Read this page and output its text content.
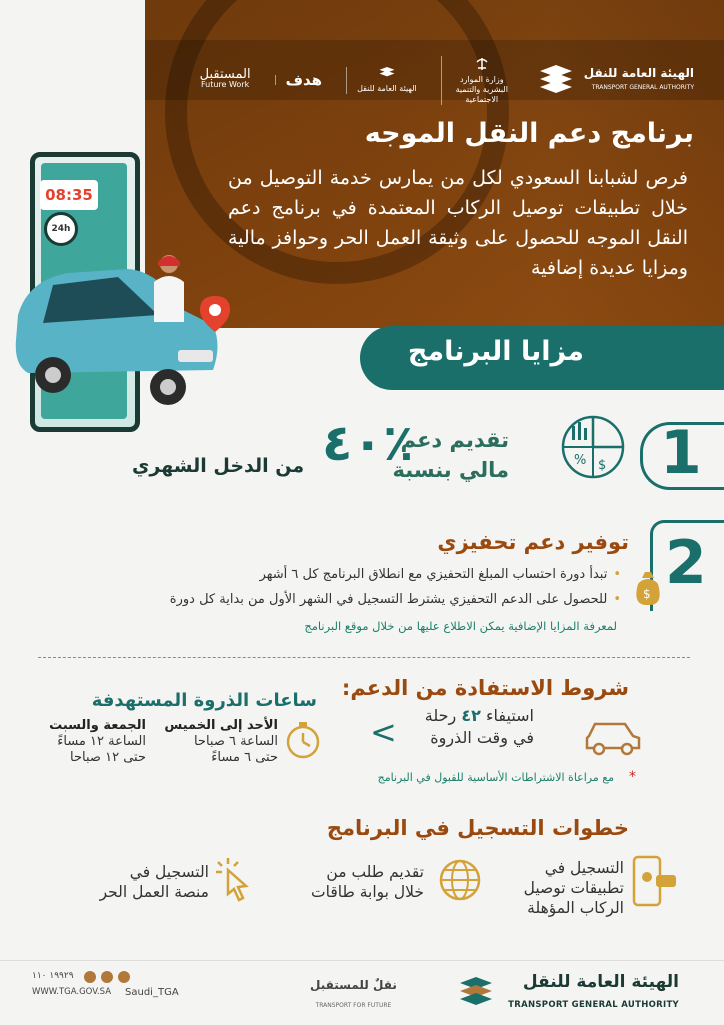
الهيئة العامة للنقل
TRANSPORT GENERAL AUTHORITY
وزارة الموارد البشرية والتنمية الاجتماعية
الهيئة العامة للنقل
هدف
المستقبل
Future Work
برنامج دعم النقل الموجه
فرص لشبابنا السعودي لكل من يمارس خدمة التوصيل من خلال تطبيقات توصيل الركاب المعتمدة في برنامج دعم النقل الموجه للحصول على وثيقة العمل الحر وحوافز مالية ومزايا عديدة إضافية
08:35
24h
مزايا البرنامج
1
% $
تقديم دعم
مالي بنسبة
٤٠٪
من الدخل الشهري
2
توفير دعم تحفيزي
$
• تبدأ دورة احتساب المبلغ التحفيزي مع انطلاق البرنامج كل ٦ أشهر
• للحصول على الدعم التحفيزي يشترط التسجيل في الشهر الأول من بداية كل دورة
لمعرفة المزايا الإضافية يمكن الاطلاع عليها من خلال موقع البرنامج
شروط الاستفادة من الدعم:
استيفاء ٤٢ رحلة
في وقت الذروة
<
*
مع مراعاة الاشتراطات الأساسية للقبول في البرنامج
ساعات الذروة المستهدفة
الأحد إلى الخميس
الساعة ٦ صباحا
حتى ٦ مساءً
الجمعة والسبت
الساعة ١٢ مساءً
حتى ١٢ صباحا
خطوات التسجيل في البرنامج
التسجيل في
تطبيقات توصيل
الركاب المؤهلة
تقديم طلب من
خلال بوابة طاقات
التسجيل في
منصة العمل الحر
الهيئة العامة للنقل
TRANSPORT GENERAL AUTHORITY
نقلٌ للمستقبل
TRANSPORT FOR FUTURE
١٩٩٢٩ ١١٠
WWW.TGA.GOV.SA Saudi_TGA
